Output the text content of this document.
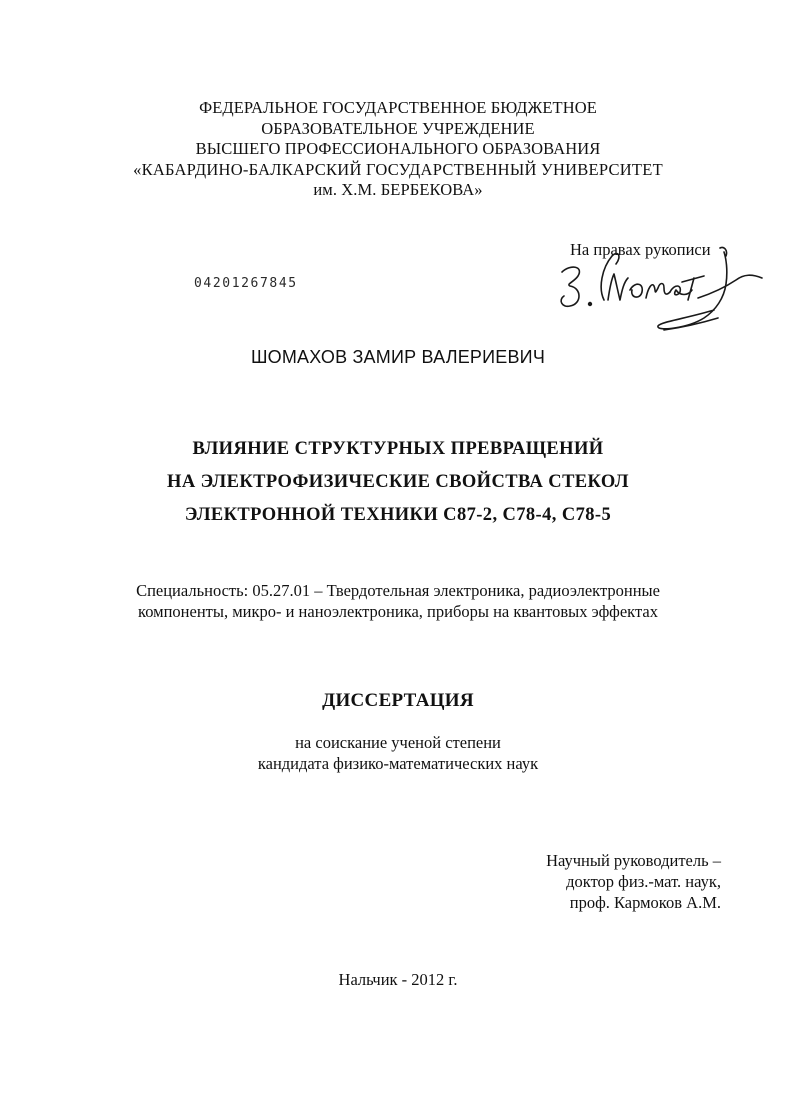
ФЕДЕРАЛЬНОЕ ГОСУДАРСТВЕННОЕ БЮДЖЕТНОЕ
ОБРАЗОВАТЕЛЬНОЕ УЧРЕЖДЕНИЕ
ВЫСШЕГО ПРОФЕССИОНАЛЬНОГО ОБРАЗОВАНИЯ
«КАБАРДИНО-БАЛКАРСКИЙ ГОСУДАРСТВЕННЫЙ УНИВЕРСИТЕТ
им. Х.М. БЕРБЕКОВА»
На правах рукописи
04201267845
ШОМАХОВ ЗАМИР ВАЛЕРИЕВИЧ
ВЛИЯНИЕ СТРУКТУРНЫХ ПРЕВРАЩЕНИЙ
НА ЭЛЕКТРОФИЗИЧЕСКИЕ СВОЙСТВА СТЕКОЛ
ЭЛЕКТРОННОЙ ТЕХНИКИ С87-2, С78-4, С78-5
Специальность: 05.27.01 – Твердотельная электроника, радиоэлектронные
компоненты, микро- и наноэлектроника, приборы на квантовых эффектах
ДИССЕРТАЦИЯ
на соискание ученой степени
кандидата физико-математических наук
Научный руководитель –
доктор физ.-мат. наук,
проф. Кармоков А.М.
Нальчик - 2012 г.
